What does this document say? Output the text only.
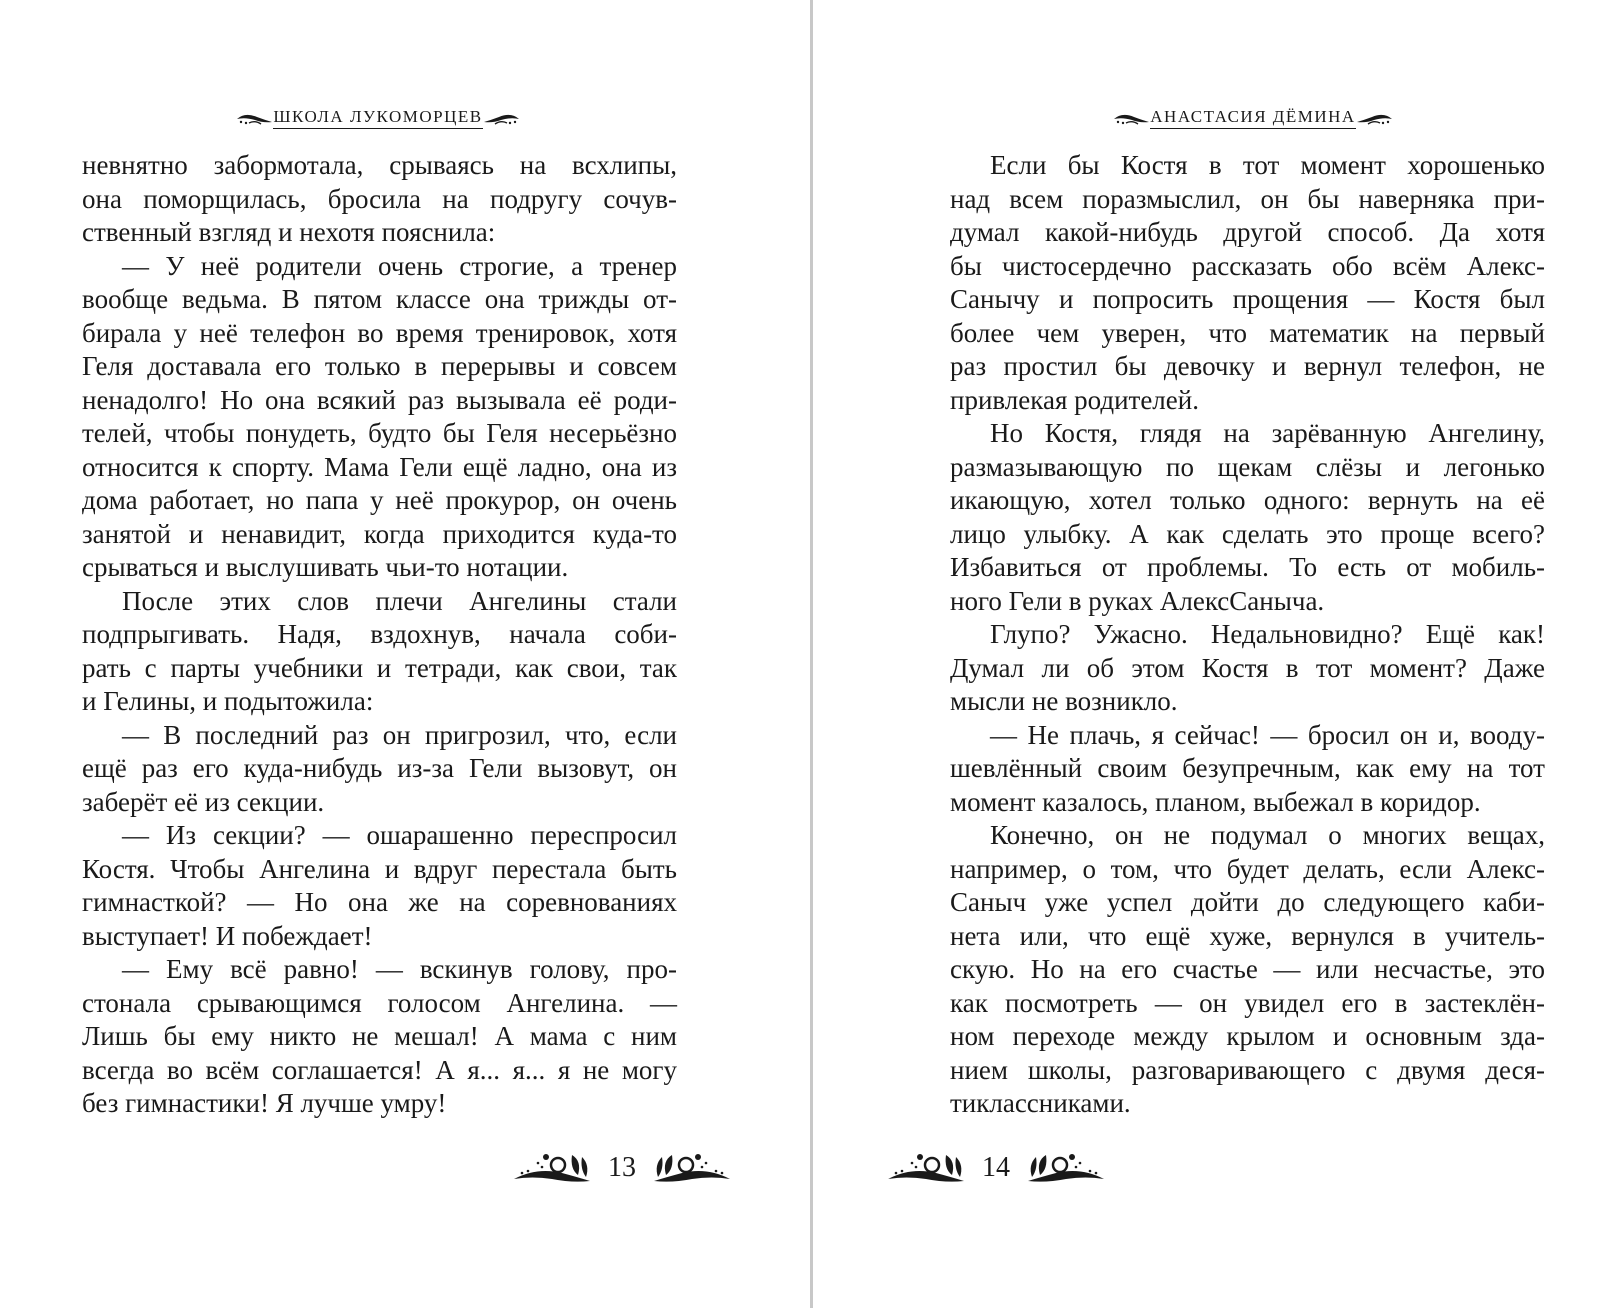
ШКОЛА ЛУКОМОРЦЕВ
невнятно забормотала, срываясь на всхлипы,
она поморщилась, бросила на подругу сочув-
ственный взгляд и нехотя пояснила:
— У неё родители очень строгие, а тренер
вообще ведьма. В пятом классе она трижды от-
бирала у неё телефон во время тренировок, хотя
Геля доставала его только в перерывы и совсем
ненадолго! Но она всякий раз вызывала её роди-
телей, чтобы понудеть, будто бы Геля несерьёзно
относится к спорту. Мама Гели ещё ладно, она из
дома работает, но папа у неё прокурор, он очень
занятой и ненавидит, когда приходится куда-то
срываться и выслушивать чьи-то нотации.
После этих слов плечи Ангелины стали
подпрыгивать. Надя, вздохнув, начала соби-
рать с парты учебники и тетради, как свои, так
и Гелины, и подытожила:
— В последний раз он пригрозил, что, если
ещё раз его куда-нибудь из-за Гели вызовут, он
заберёт её из секции.
— Из секции? — ошарашенно переспросил
Костя. Чтобы Ангелина и вдруг перестала быть
гимнасткой? — Но она же на соревнованиях
выступает! И побеждает!
— Ему всё равно! — вскинув голову, про-
стонала срывающимся голосом Ангелина. —
Лишь бы ему никто не мешал! А мама с ним
всегда во всём соглашается! А я... я... я не могу
без гимнастики! Я лучше умру!
13
АНАСТАСИЯ ДЁМИНА
Если бы Костя в тот момент хорошенько
над всем поразмыслил, он бы наверняка при-
думал какой-нибудь другой способ. Да хотя
бы чистосердечно рассказать обо всём Алекс-
Санычу и попросить прощения — Костя был
более чем уверен, что математик на первый
раз простил бы девочку и вернул телефон, не
привлекая родителей.
Но Костя, глядя на зарёванную Ангелину,
размазывающую по щекам слёзы и легонько
икающую, хотел только одного: вернуть на её
лицо улыбку. А как сделать это проще всего?
Избавиться от проблемы. То есть от мобиль-
ного Гели в руках АлексСаныча.
Глупо? Ужасно. Недальновидно? Ещё как!
Думал ли об этом Костя в тот момент? Даже
мысли не возникло.
— Не плачь, я сейчас! — бросил он и, вооду-
шевлённый своим безупречным, как ему на тот
момент казалось, планом, выбежал в коридор.
Конечно, он не подумал о многих вещах,
например, о том, что будет делать, если Алекс-
Саныч уже успел дойти до следующего каби-
нета или, что ещё хуже, вернулся в учитель-
скую. Но на его счастье — или несчастье, это
как посмотреть — он увидел его в застеклён-
ном переходе между крылом и основным зда-
нием школы, разговаривающего с двумя деся-
тиклассниками.
14
